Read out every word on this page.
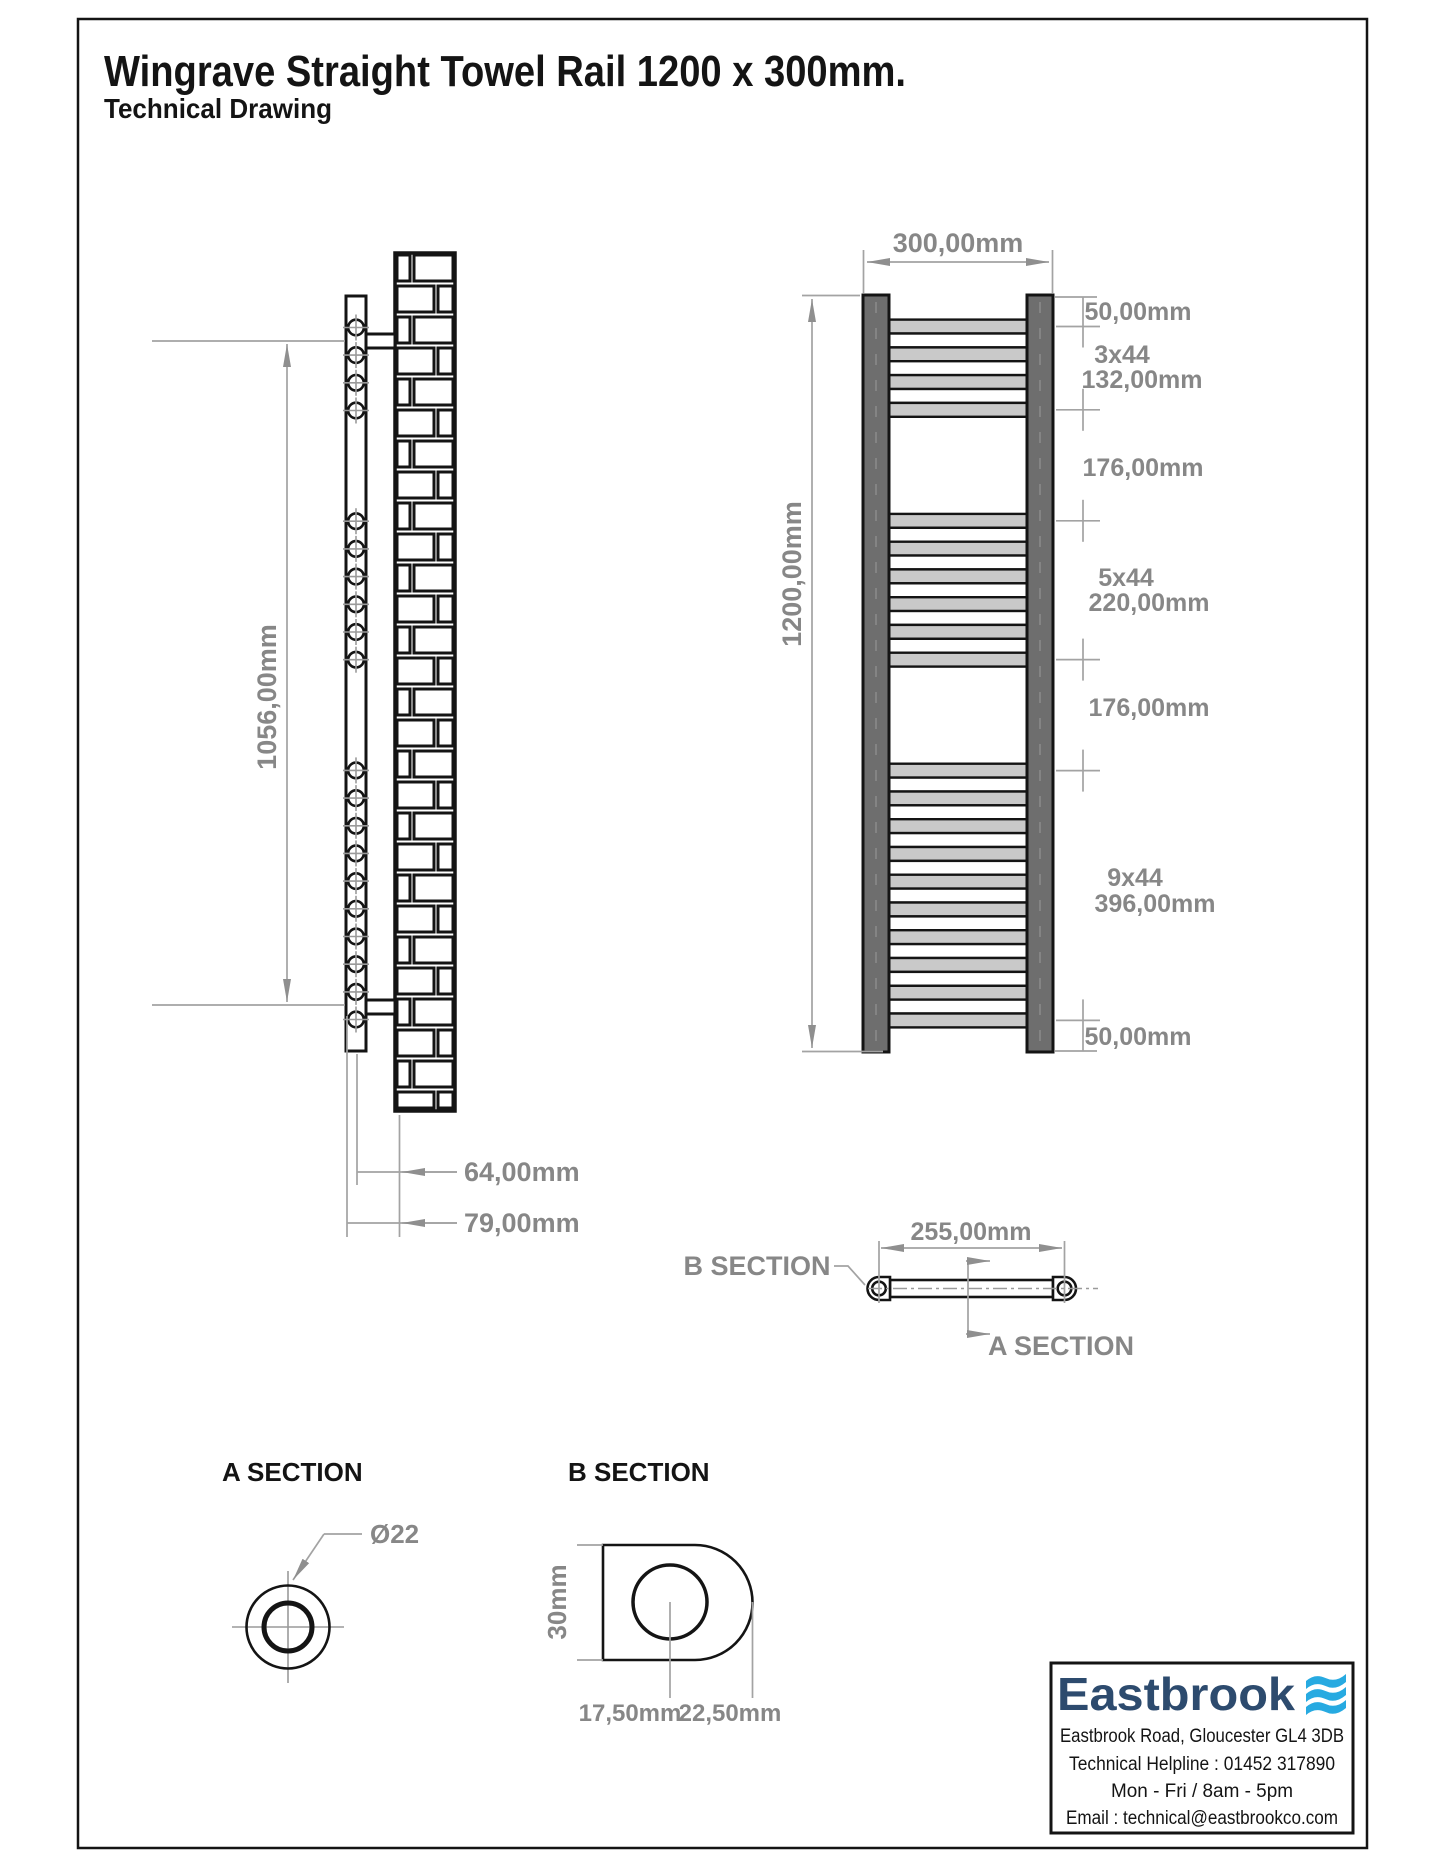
Wingrave Straight Towel Rail 1200 x 300mm.
Technical Drawing
1056,00mm
64,00mm
79,00mm
300,00mm
1200,00mm
50,00mm
3x44
132,00mm
176,00mm
5x44
220,00mm
176,00mm
9x44
396,00mm
50,00mm
255,00mm
B SECTION
A SECTION
A SECTION
Ø22
B SECTION
30mm
17,50mm
22,50mm	Eastbrook
Eastbrook Road, Gloucester GL4 3DB
Technical Helpline : 01452 317890
Mon - Fri / 8am - 5pm
Email : technical@eastbrookco.com
